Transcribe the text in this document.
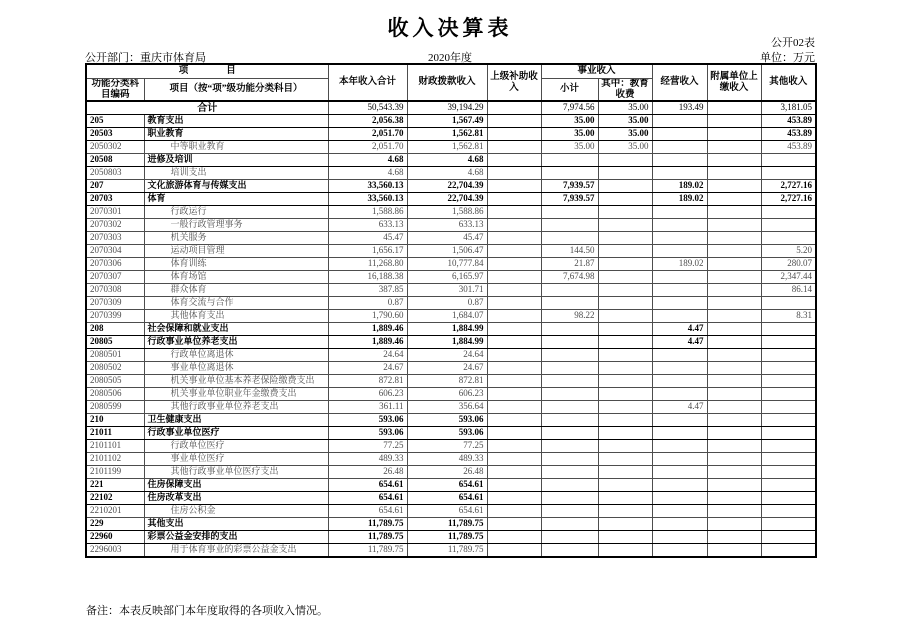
收入决算表
公开02表
2020年度
公开部门：重庆市体育局	单位：万元
项　　　　目		本年收入合计	财政拨款收入	上级补助收入	事业收入		经营收入	附属单位上缴收入	其他收入
功能分类科目编码	项目（按“项”级功能分类科目）								
					小计	其中：教育收费			
合计		50,543.39	39,194.29		7,974.56	35.00	193.49		3,181.05
205	教育支出	2,056.38	1,567.49		35.00	35.00			453.89
20503	职业教育	2,051.70	1,562.81		35.00	35.00			453.89
2050302	中等职业教育	2,051.70	1,562.81		35.00	35.00			453.89
20508	进修及培训	4.68	4.68						
2050803	培训支出	4.68	4.68						
207	文化旅游体育与传媒支出	33,560.13	22,704.39		7,939.57		189.02		2,727.16
20703	体育	33,560.13	22,704.39		7,939.57		189.02		2,727.16
2070301	行政运行	1,588.86	1,588.86						
2070302	一般行政管理事务	633.13	633.13						
2070303	机关服务	45.47	45.47						
2070304	运动项目管理	1,656.17	1,506.47		144.50				5.20
2070306	体育训练	11,268.80	10,777.84		21.87		189.02		280.07
2070307	体育场馆	16,188.38	6,165.97		7,674.98				2,347.44
2070308	群众体育	387.85	301.71						86.14
2070309	体育交流与合作	0.87	0.87						
2070399	其他体育支出	1,790.60	1,684.07		98.22				8.31
208	社会保障和就业支出	1,889.46	1,884.99				4.47		
20805	行政事业单位养老支出	1,889.46	1,884.99				4.47		
2080501	行政单位离退休	24.64	24.64						
2080502	事业单位离退休	24.67	24.67						
2080505	机关事业单位基本养老保险缴费支出	872.81	872.81						
2080506	机关事业单位职业年金缴费支出	606.23	606.23						
2080599	其他行政事业单位养老支出	361.11	356.64				4.47		
210	卫生健康支出	593.06	593.06						
21011	行政事业单位医疗	593.06	593.06						
2101101	行政单位医疗	77.25	77.25						
2101102	事业单位医疗	489.33	489.33						
2101199	其他行政事业单位医疗支出	26.48	26.48						
221	住房保障支出	654.61	654.61						
22102	住房改革支出	654.61	654.61						
2210201	住房公积金	654.61	654.61						
229	其他支出	11,789.75	11,789.75						
22960	彩票公益金安排的支出	11,789.75	11,789.75						
2296003	用于体育事业的彩票公益金支出	11,789.75	11,789.75						
备注：本表反映部门本年度取得的各项收入情况。
